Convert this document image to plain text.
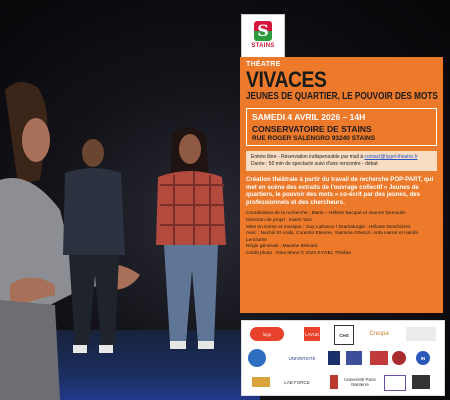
S
STAINS
THÉATRE
VIVACES
JEUNES DE QUARTIER, LE POUVOIR DES MOTS
SAMEDI 4 AVRIL 2026 – 14H
CONSERVATOIRE DE STAINS
RUE ROGER SALENGRO 93240 STAINS
Entrée libre - Réservation indispensable par mail à contact@lygel-theatre.fr
Durée : 50 min de spectacle suivi d'une rencontre - débat
Création théâtrale à partir du travail de recherche POP-PART, qui met en scène des extraits de l'ouvrage collectif « Jeunes de quartiers, le pouvoir des mots » co-écrit par des jeunes, des professionnels et des chercheurs.
Coordination de la recherche : Marie – Hélène Bacqué et Jeanne Demoulin
Direction de projet : Karim Yazi
Mise en scène et musique : Guy Lafrance / Dramaturgie : Héloïse Deschières
Avec : Nachiri El Arabi, Corentin Etienne, Yasmina Ghemzi, Aïda Harret et Hanifa Lenclume
Régie générale : Maxime Brécard
Crédit photo : Nina Munn © 2022 KYGEL Théâtre
logo	LAVUE	CHS	Crespa
UNIVERSITÉ	IN
LAB FORCE	Université Paris Nanterre
